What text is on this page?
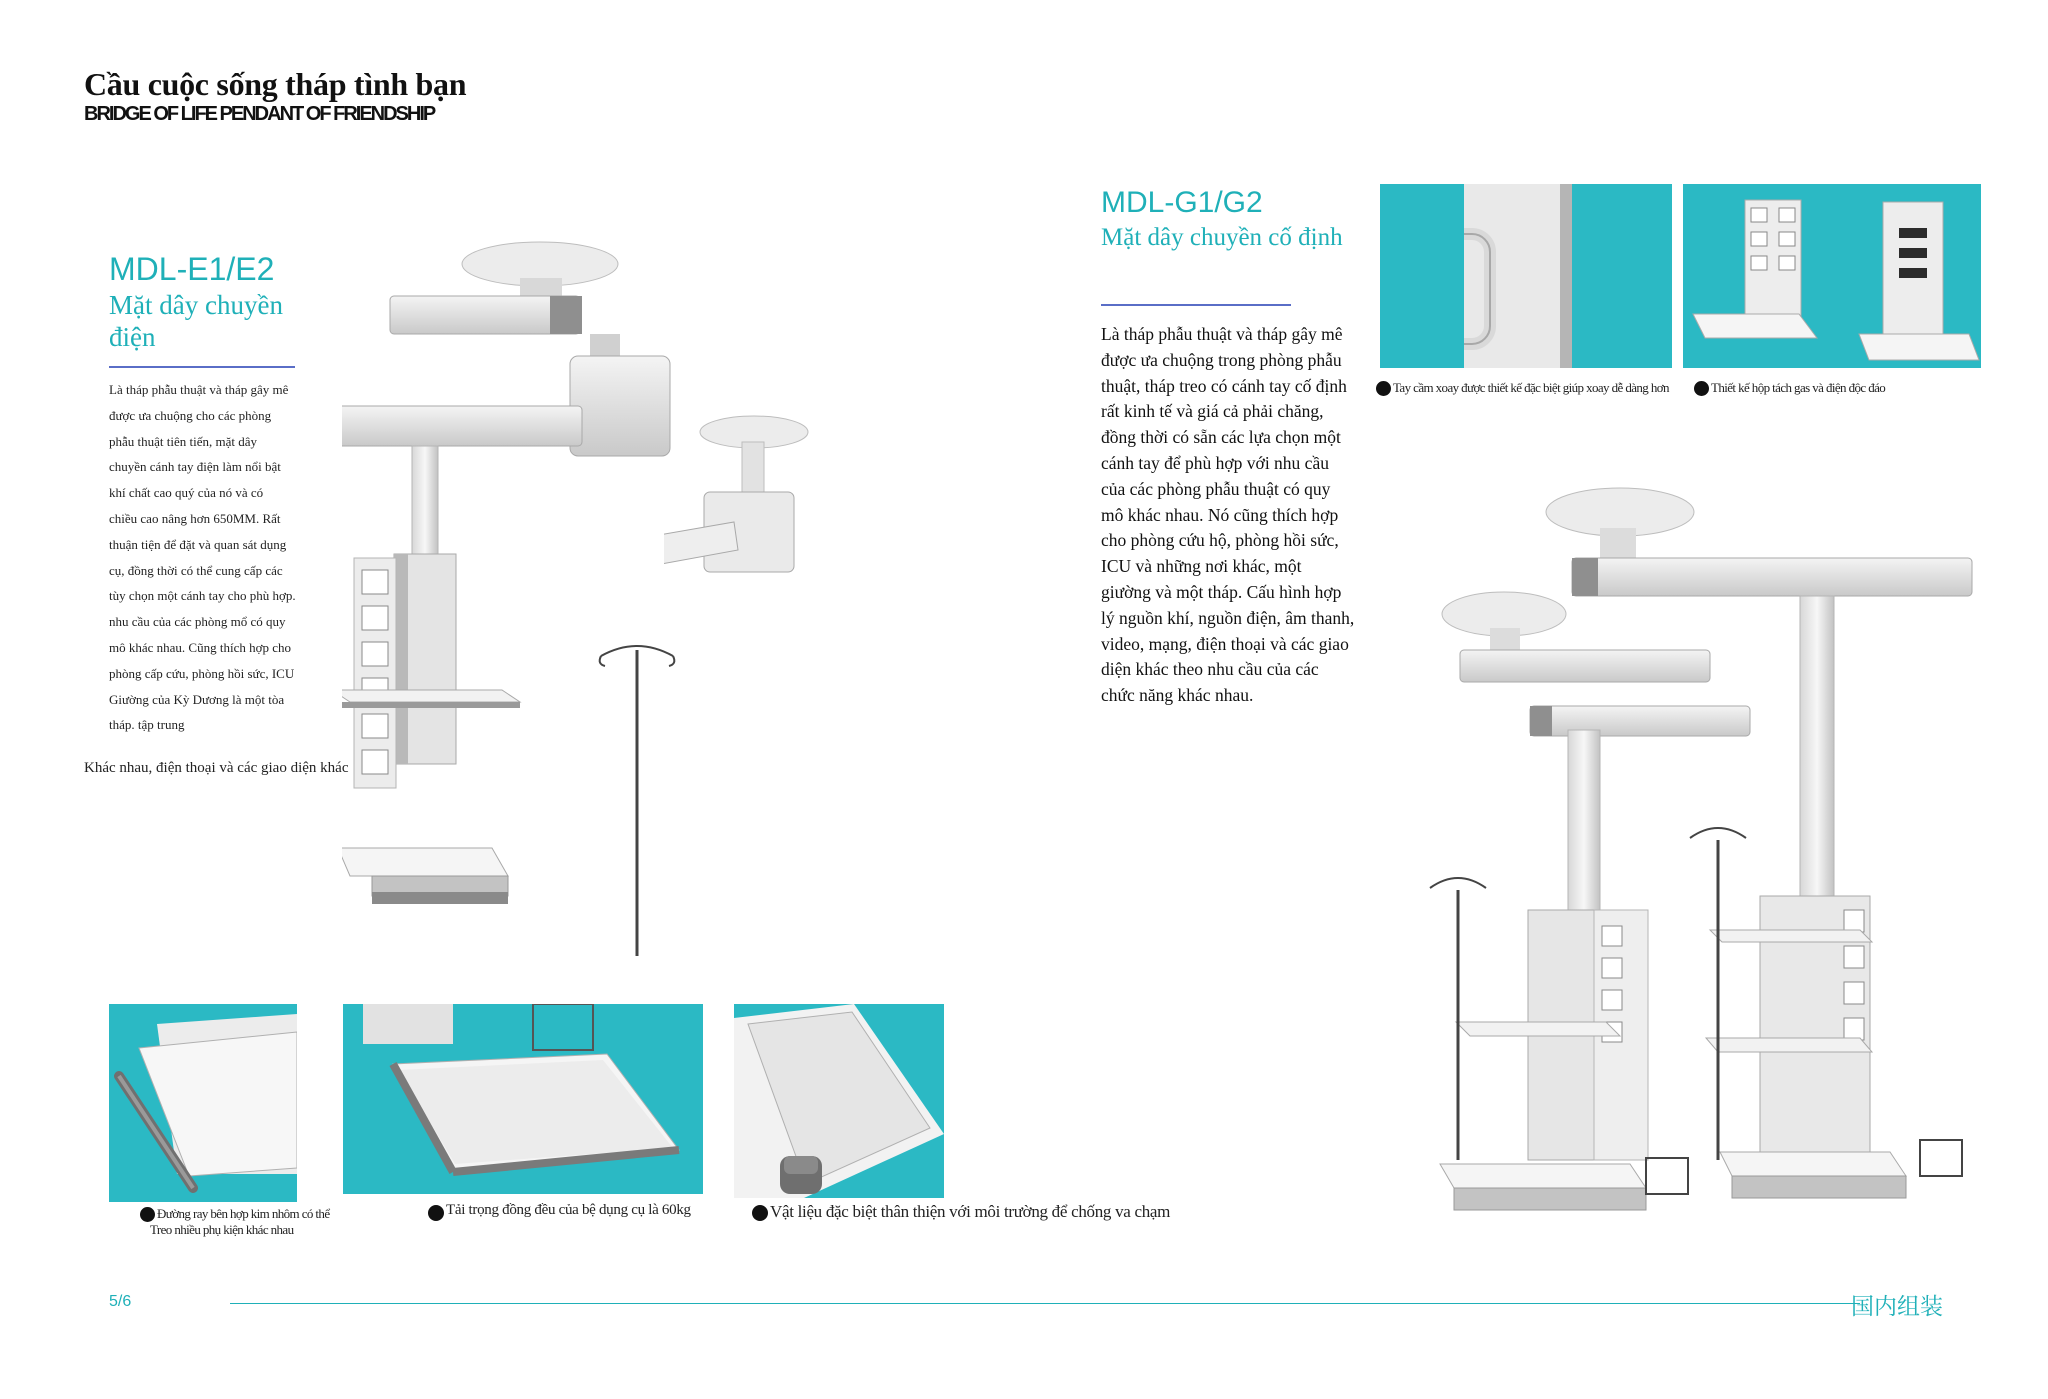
Cầu cuộc sống tháp tình bạn
BRIDGE OF LIFE PENDANT OF FRIENDSHIP
MDL-E1/E2
Mặt dây chuyền
điện
Là tháp phẫu thuật và tháp gây mê
được ưa chuộng cho các phòng
phẫu thuật tiên tiến, mặt dây
chuyền cánh tay điện làm nổi bật
khí chất cao quý của nó và có
chiều cao nâng hơn 650MM. Rất
thuận tiện để đặt và quan sát dụng
cụ, đồng thời có thể cung cấp các
tùy chọn một cánh tay cho phù hợp.
nhu cầu của các phòng mổ có quy
mô khác nhau. Cũng thích hợp cho
phòng cấp cứu, phòng hồi sức, ICU
Giường của Kỳ Dương là một tòa
tháp. tập trung
Khác nhau, điện thoại và các giao diện khác
MDL-G1/G2
Mặt dây chuyền cố định
Là tháp phẫu thuật và tháp gây mê
được ưa chuộng trong phòng phẫu
thuật, tháp treo có cánh tay cố định
rất kinh tế và giá cả phải chăng,
đồng thời có sẵn các lựa chọn một
cánh tay để phù hợp với nhu cầu
của các phòng phẫu thuật có quy
mô khác nhau. Nó cũng thích hợp
cho phòng cứu hộ, phòng hồi sức,
ICU và những nơi khác, một
giường và một tháp. Cấu hình hợp
lý nguồn khí, nguồn điện, âm thanh,
video, mạng, điện thoại và các giao
diện khác theo nhu cầu của các
chức năng khác nhau.
Tay cầm xoay được thiết kế đặc biệt giúp xoay dễ dàng hơn	Thiết kế hộp tách gas và điện độc đáo
Đường ray bên hợp kim nhôm có thể
Treo nhiều phụ kiện khác nhau
Tải trọng đồng đều của bệ dụng cụ là 60kg	Vật liệu đặc biệt thân thiện với môi trường để chống va chạm
5/6	国内组装
